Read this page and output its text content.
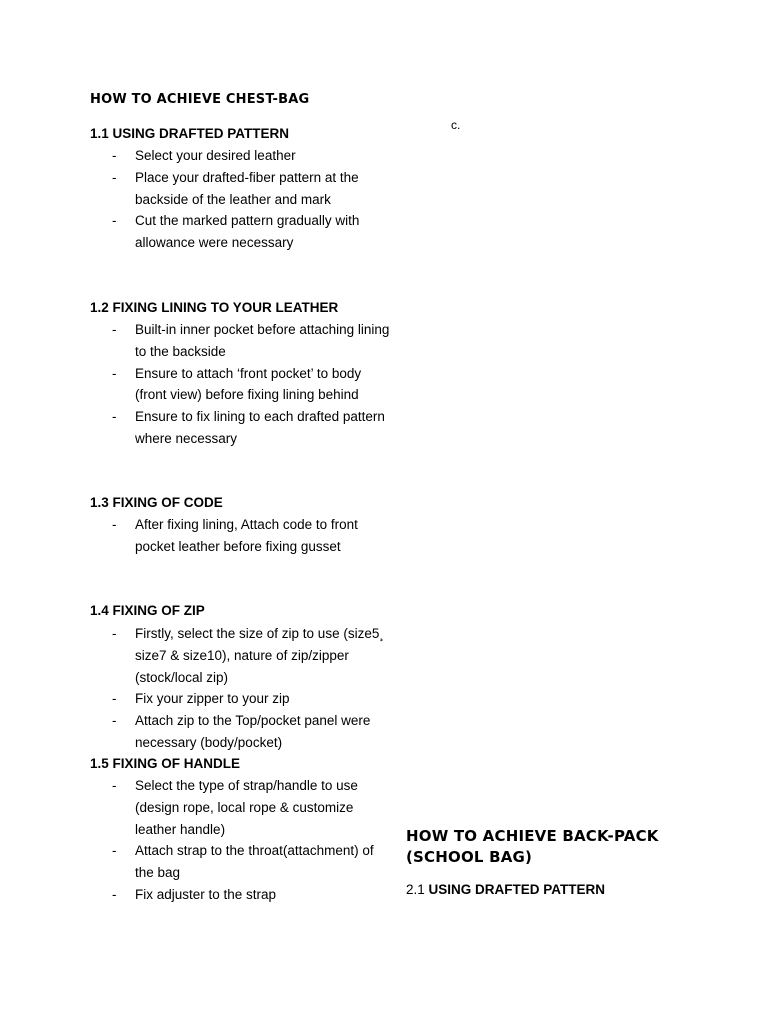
HOW TO ACHIEVE CHEST-BAG
1.1 USING DRAFTED PATTERN
- Select your desired leather
- Place your drafted-fiber pattern at the backside of the leather and mark
- Cut the marked pattern gradually with allowance were necessary
1.2 FIXING LINING TO YOUR LEATHER
- Built-in inner pocket before attaching lining to the backside
- Ensure to attach ‘front pocket’ to body (front view) before fixing lining behind
- Ensure to fix lining to each drafted pattern where necessary
1.3 FIXING OF CODE
- After fixing lining, Attach code to front pocket leather before fixing gusset
1.4 FIXING OF ZIP
- Firstly, select the size of zip to use (size5¸ size7 & size10), nature of zip/zipper (stock/local zip)
- Fix your zipper to your zip
- Attach zip to the Top/pocket panel were necessary (body/pocket)
1.5 FIXING OF HANDLE
- Select the type of strap/handle to use (design rope, local rope & customize leather handle)
- Attach strap to the throat(attachment) of the bag
- Fix adjuster to the strap
c.
HOW TO ACHIEVE BACK-PACK
(SCHOOL BAG)
2.1 USING DRAFTED PATTERN
